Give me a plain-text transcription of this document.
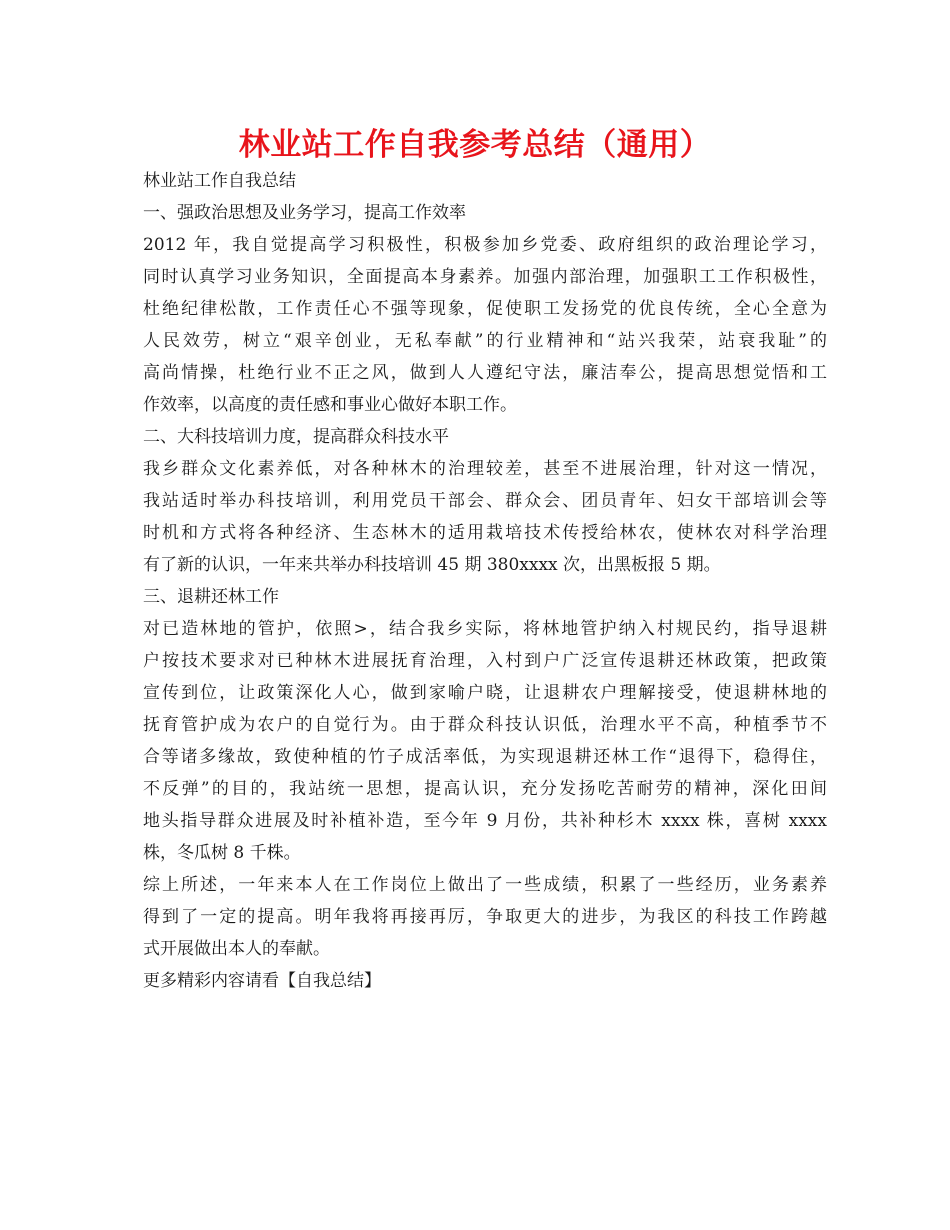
林业站工作自我参考总结（通用）
林业站工作自我总结
一、强政治思想及业务学习，提高工作效率
2012 年，我自觉提高学习积极性，积极参加乡党委、政府组织的政治理论学习，
同时认真学习业务知识，全面提高本身素养。加强内部治理，加强职工工作积极性，
杜绝纪律松散，工作责任心不强等现象，促使职工发扬党的优良传统，全心全意为
人民效劳，树立“艰辛创业，无私奉献”的行业精神和“站兴我荣，站衰我耻”的
高尚情操，杜绝行业不正之风，做到人人遵纪守法，廉洁奉公，提高思想觉悟和工
作效率，以高度的责任感和事业心做好本职工作。
二、大科技培训力度，提高群众科技水平
我乡群众文化素养低，对各种林木的治理较差，甚至不进展治理，针对这一情况，
我站适时举办科技培训，利用党员干部会、群众会、团员青年、妇女干部培训会等
时机和方式将各种经济、生态林木的适用栽培技术传授给林农，使林农对科学治理
有了新的认识，一年来共举办科技培训 45 期 380xxxx 次，出黑板报 5 期。
三、退耕还林工作
对已造林地的管护，依照>，结合我乡实际，将林地管护纳入村规民约，指导退耕
户按技术要求对已种林木进展抚育治理，入村到户广泛宣传退耕还林政策，把政策
宣传到位，让政策深化人心，做到家喻户晓，让退耕农户理解接受，使退耕林地的
抚育管护成为农户的自觉行为。由于群众科技认识低，治理水平不高，种植季节不
合等诸多缘故，致使种植的竹子成活率低，为实现退耕还林工作“退得下，稳得住，
不反弹”的目的，我站统一思想，提高认识，充分发扬吃苦耐劳的精神，深化田间
地头指导群众进展及时补植补造，至今年 9 月份，共补种杉木 xxxx 株，喜树 xxxx
株，冬瓜树 8 千株。
综上所述，一年来本人在工作岗位上做出了一些成绩，积累了一些经历，业务素养
得到了一定的提高。明年我将再接再厉，争取更大的进步，为我区的科技工作跨越
式开展做出本人的奉献。
更多精彩内容请看【自我总结】
